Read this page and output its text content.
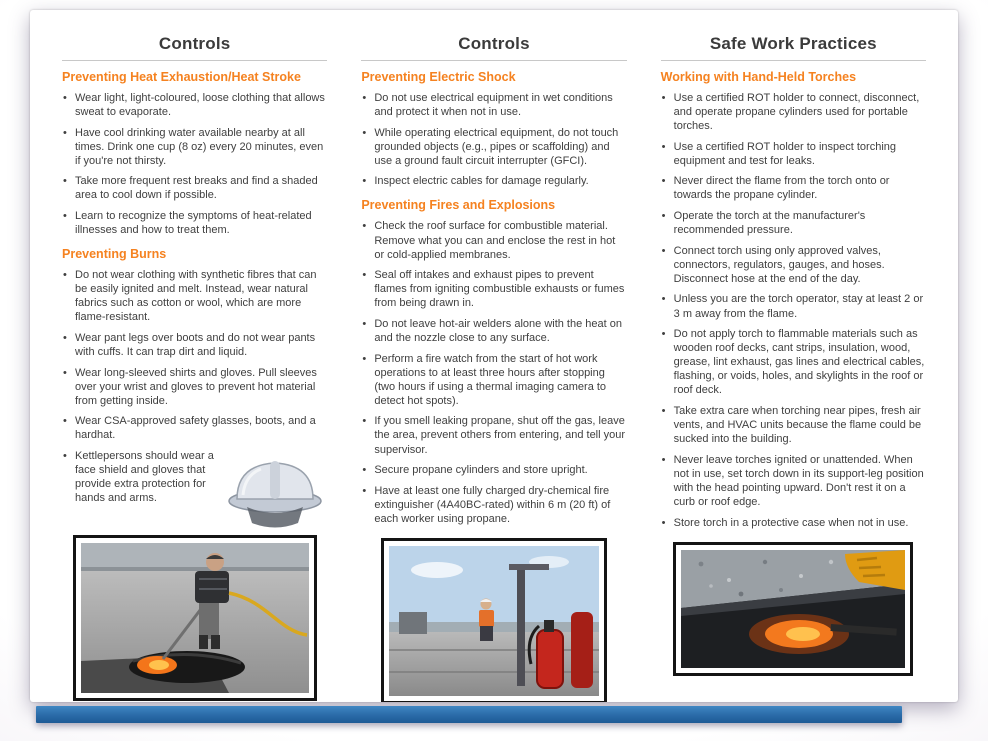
Controls
Preventing Heat Exhaustion/Heat Stroke
• Wear light, light-coloured, loose clothing that allows sweat to evaporate.
• Have cool drinking water available nearby at all times. Drink one cup (8 oz) every 20 minutes, even if you're not thirsty.
• Take more frequent rest breaks and find a shaded area to cool down if possible.
• Learn to recognize the symptoms of heat-related illnesses and how to treat them.
Preventing Burns
• Do not wear clothing with synthetic fibres that can be easily ignited and melt. Instead, wear natural fabrics such as cotton or wool, which are more flame-resistant.
• Wear pant legs over boots and do not wear pants with cuffs. It can trap dirt and liquid.
• Wear long-sleeved shirts and gloves. Pull sleeves over your wrist and gloves to prevent hot material from getting inside.
• Wear CSA-approved safety glasses, boots, and a hardhat.
• Kettlepersons should wear a face shield and gloves that provide extra protection for hands and arms.
Controls
Preventing Electric Shock
• Do not use electrical equipment in wet conditions and protect it when not in use.
• While operating electrical equipment, do not touch grounded objects (e.g., pipes or scaffolding) and use a ground fault circuit interrupter (GFCI).
• Inspect electric cables for damage regularly.
Preventing Fires and Explosions
• Check the roof surface for combustible material. Remove what you can and enclose the rest in hot or cold-applied membranes.
• Seal off intakes and exhaust pipes to prevent flames from igniting combustible exhausts or fumes from being drawn in.
• Do not leave hot-air welders alone with the heat on and the nozzle close to any surface.
• Perform a fire watch from the start of hot work operations to at least three hours after stopping (two hours if using a thermal imaging camera to detect hot spots).
• If you smell leaking propane, shut off the gas, leave the area, prevent others from entering, and tell your supervisor.
• Secure propane cylinders and store upright.
• Have at least one fully charged dry-chemical fire extinguisher (4A40BC-rated) within 6 m (20 ft) of each worker using propane.
Safe Work Practices
Working with Hand-Held Torches
• Use a certified ROT holder to connect, disconnect, and operate propane cylinders used for portable torches.
• Use a certified ROT holder to inspect torching equipment and test for leaks.
• Never direct the flame from the torch onto or towards the propane cylinder.
• Operate the torch at the manufacturer's recommended pressure.
• Connect torch using only approved valves, connectors, regulators, gauges, and hoses. Disconnect hose at the end of the day.
• Unless you are the torch operator, stay at least 2 or 3 m away from the flame.
• Do not apply torch to flammable materials such as wooden roof decks, cant strips, insulation, wood, grease, lint exhaust, gas lines and electrical cables, flashing, or voids, holes, and skylights in the roof or roof deck.
• Take extra care when torching near pipes, fresh air vents, and HVAC units because the flame could be sucked into the building.
• Never leave torches ignited or unattended. When not in use, set torch down in its support-leg position with the head pointing upward. Don't rest it on a curb or roof edge.
• Store torch in a protective case when not in use.
